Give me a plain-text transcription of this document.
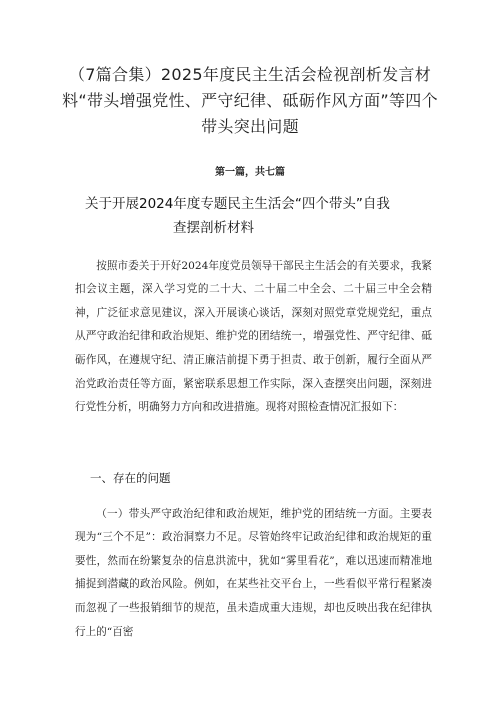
（7篇合集）2025年度民主生活会检视剖析发言材料“带头增强党性、严守纪律、砥砺作风方面”等四个带头突出问题
第一篇，共七篇
关于开展2024年度专题民主生活会“四个带头”自我
查摆剖析材料

按照市委关于开好2024年度党员领导干部民主生活会的有关要求，我紧扣会议主题，深入学习党的二十大、二十届二中全会、二十届三中全会精神，广泛征求意见建议，深入开展谈心谈话，深刻对照党章党规党纪，重点从严守政治纪律和政治规矩、维护党的团结统一，增强党性、严守纪律、砥砺作风，在遵规守纪、清正廉洁前提下勇于担责、敢于创新，履行全面从严治党政治责任等方面，紧密联系思想工作实际，深入查摆突出问题，深刻进行党性分析，明确努力方向和改进措施。现将对照检查情况汇报如下：

一、存在的问题

（一）带头严守政治纪律和政治规矩，维护党的团结统一方面。主要表现为“三个不足”：政治洞察力不足。尽管始终牢记政治纪律和政治规矩的重要性，然而在纷繁复杂的信息洪流中，犹如“雾里看花”，难以迅速而精准地捕捉到潜藏的政治风险。例如，在某些社交平台上，一些看似平常行程紧凑而忽视了一些报销细节的规范，虽未造成重大违规，却也反映出我在纪律执行上的“百密
